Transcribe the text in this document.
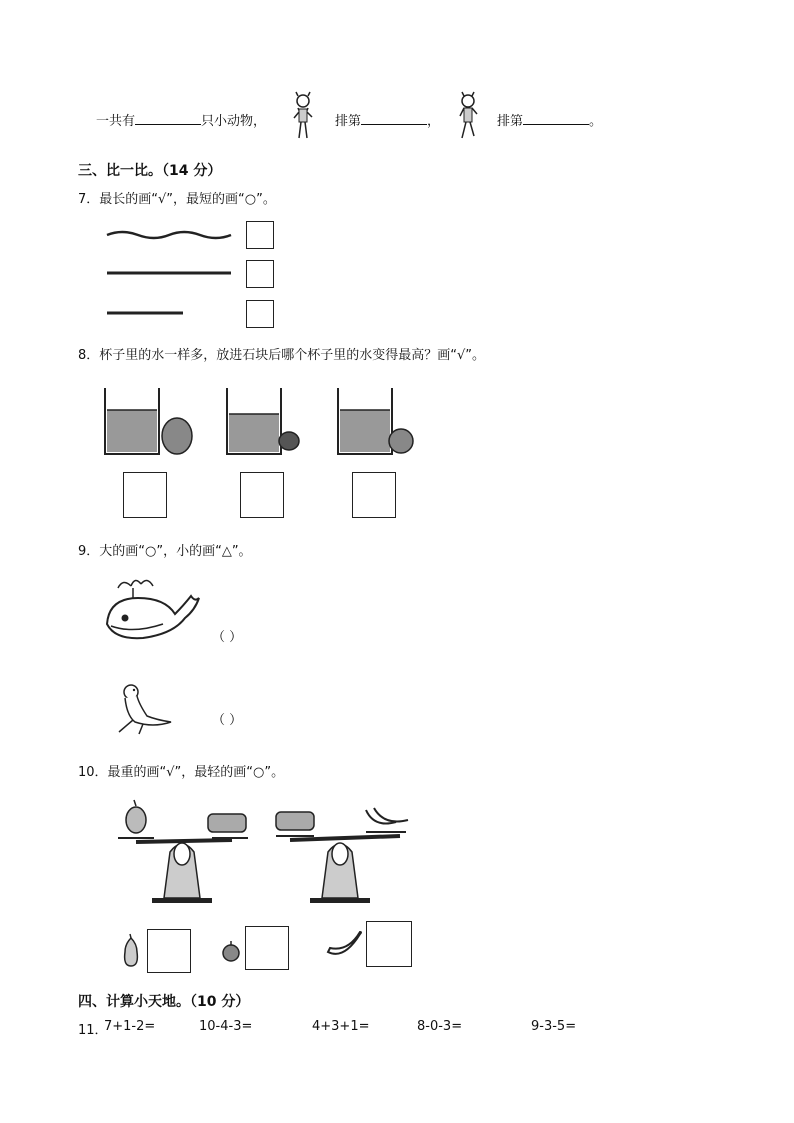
一共有	只小动物，	排第	，	排第	。
三、比一比。（14 分）
7．最长的画“√”，最短的画“○”。
8．杯子里的水一样多，放进石块后哪个杯子里的水变得最高？画“√”。
9．大的画“○”，小的画“△”。
（ ）
（ ）
10．最重的画“√”，最轻的画“○”。
四、计算小天地。（10 分）
11．
7+1-2=	10-4-3=	4+3+1=	8-0-3=	9-3-5=
